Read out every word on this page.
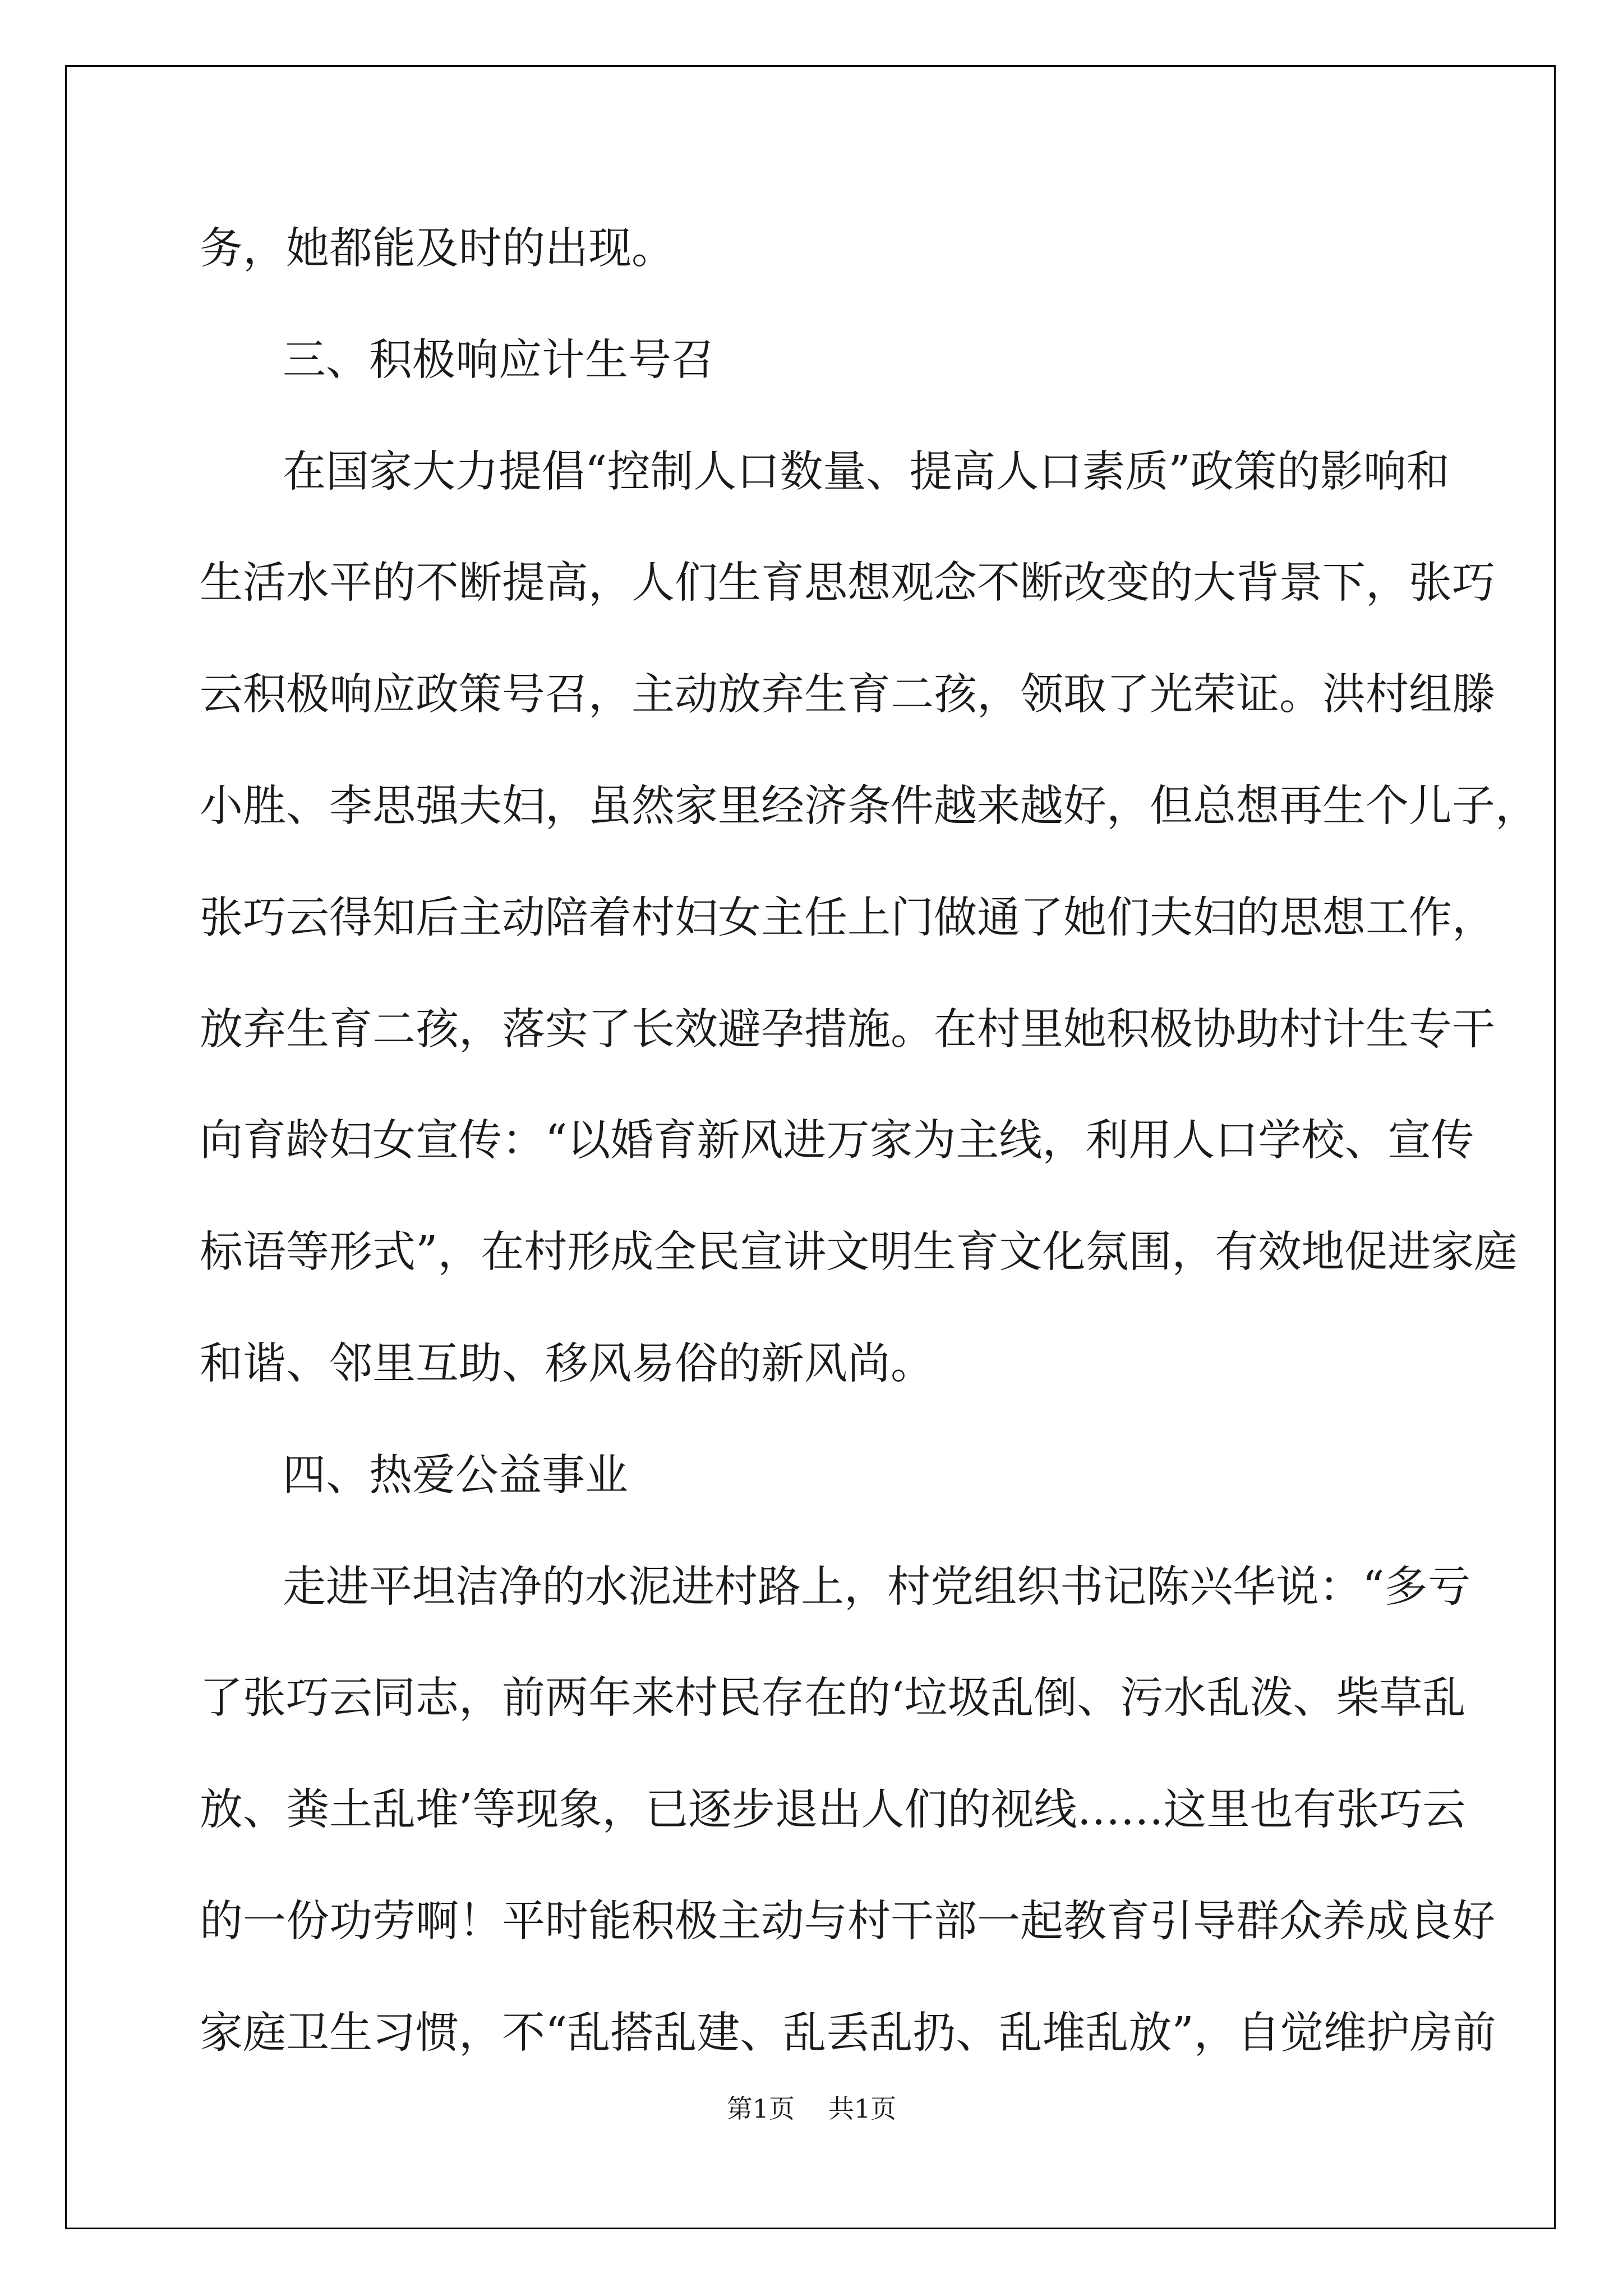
务，她都能及时的出现。
三、积极响应计生号召
在国家大力提倡“控制人口数量、提高人口素质”政策的影响和
生活水平的不断提高，人们生育思想观念不断改变的大背景下，张巧
云积极响应政策号召，主动放弃生育二孩，领取了光荣证。洪村组滕
小胜、李思强夫妇，虽然家里经济条件越来越好，但总想再生个儿子，
张巧云得知后主动陪着村妇女主任上门做通了她们夫妇的思想工作，
放弃生育二孩，落实了长效避孕措施。在村里她积极协助村计生专干
向育龄妇女宣传：“以婚育新风进万家为主线，利用人口学校、宣传
标语等形式”，在村形成全民宣讲文明生育文化氛围，有效地促进家庭
和谐、邻里互助、移风易俗的新风尚。
四、热爱公益事业
走进平坦洁净的水泥进村路上，村党组织书记陈兴华说：“多亏
了张巧云同志，前两年来村民存在的‘垃圾乱倒、污水乱泼、柴草乱
放、粪土乱堆’等现象，已逐步退出人们的视线……这里也有张巧云
的一份功劳啊！平时能积极主动与村干部一起教育引导群众养成良好
家庭卫生习惯，不“乱搭乱建、乱丢乱扔、乱堆乱放”，自觉维护房前
第1页 共1页
